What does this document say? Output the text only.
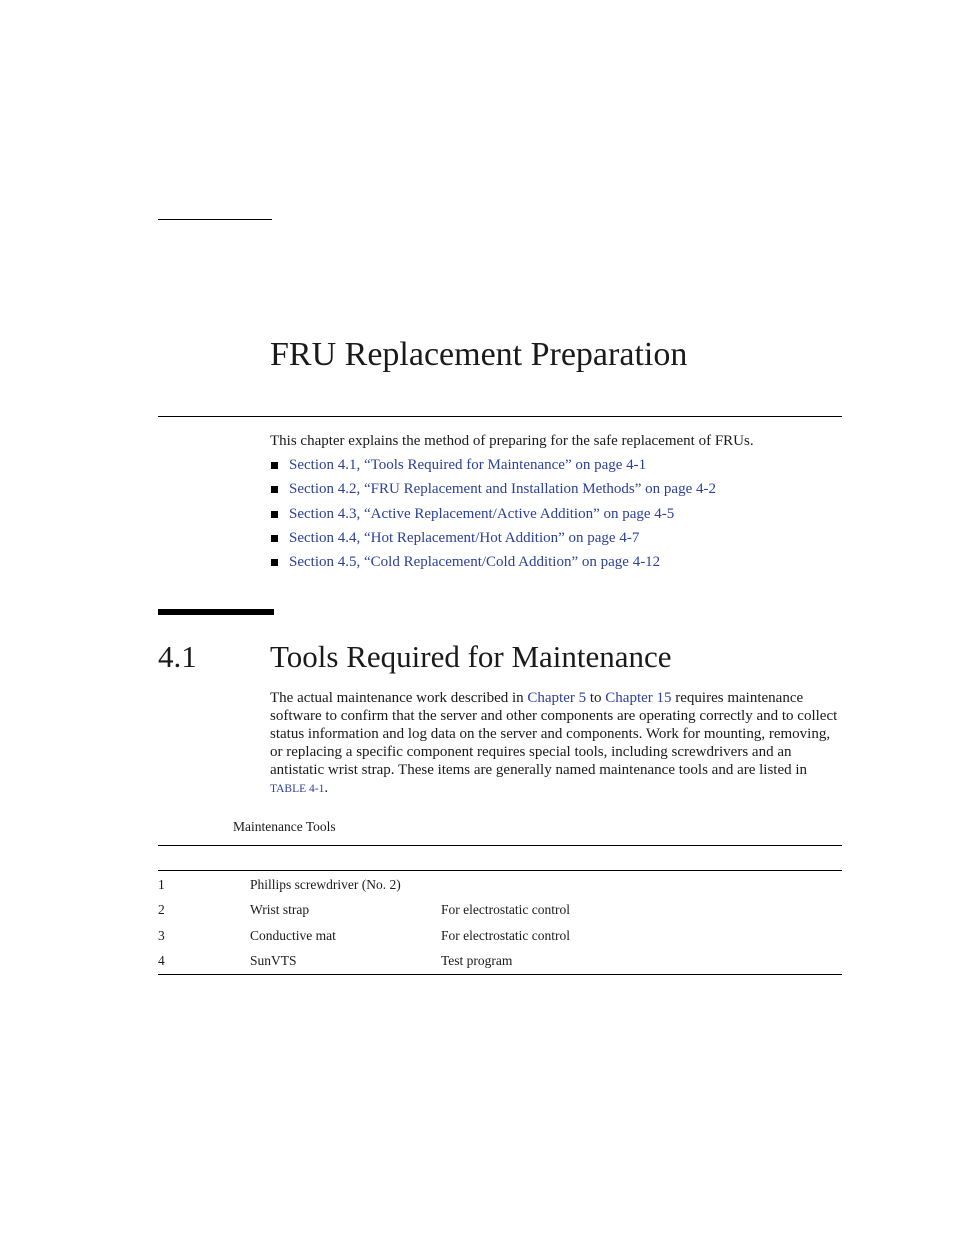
FRU Replacement Preparation

This chapter explains the method of preparing for the safe replacement of FRUs.

Section 4.1, “Tools Required for Maintenance” on page 4-1
Section 4.2, “FRU Replacement and Installation Methods” on page 4-2
Section 4.3, “Active Replacement/Active Addition” on page 4-5
Section 4.4, “Hot Replacement/Hot Addition” on page 4-7
Section 4.5, “Cold Replacement/Cold Addition” on page 4-12
4.1 Tools Required for Maintenance

The actual maintenance work described in Chapter 5 to Chapter 15 requires maintenance software to confirm that the server and other components are operating correctly and to collect status information and log data on the server and components. Work for mounting, removing, or replacing a specific component requires special tools, including screwdrivers and an antistatic wrist strap. These items are generally named maintenance tools and are listed in TABLE 4-1.

Maintenance Tools

1	Phillips screwdriver (No. 2)	
2	Wrist strap	For electrostatic control
3	Conductive mat	For electrostatic control
4	SunVTS	Test program
